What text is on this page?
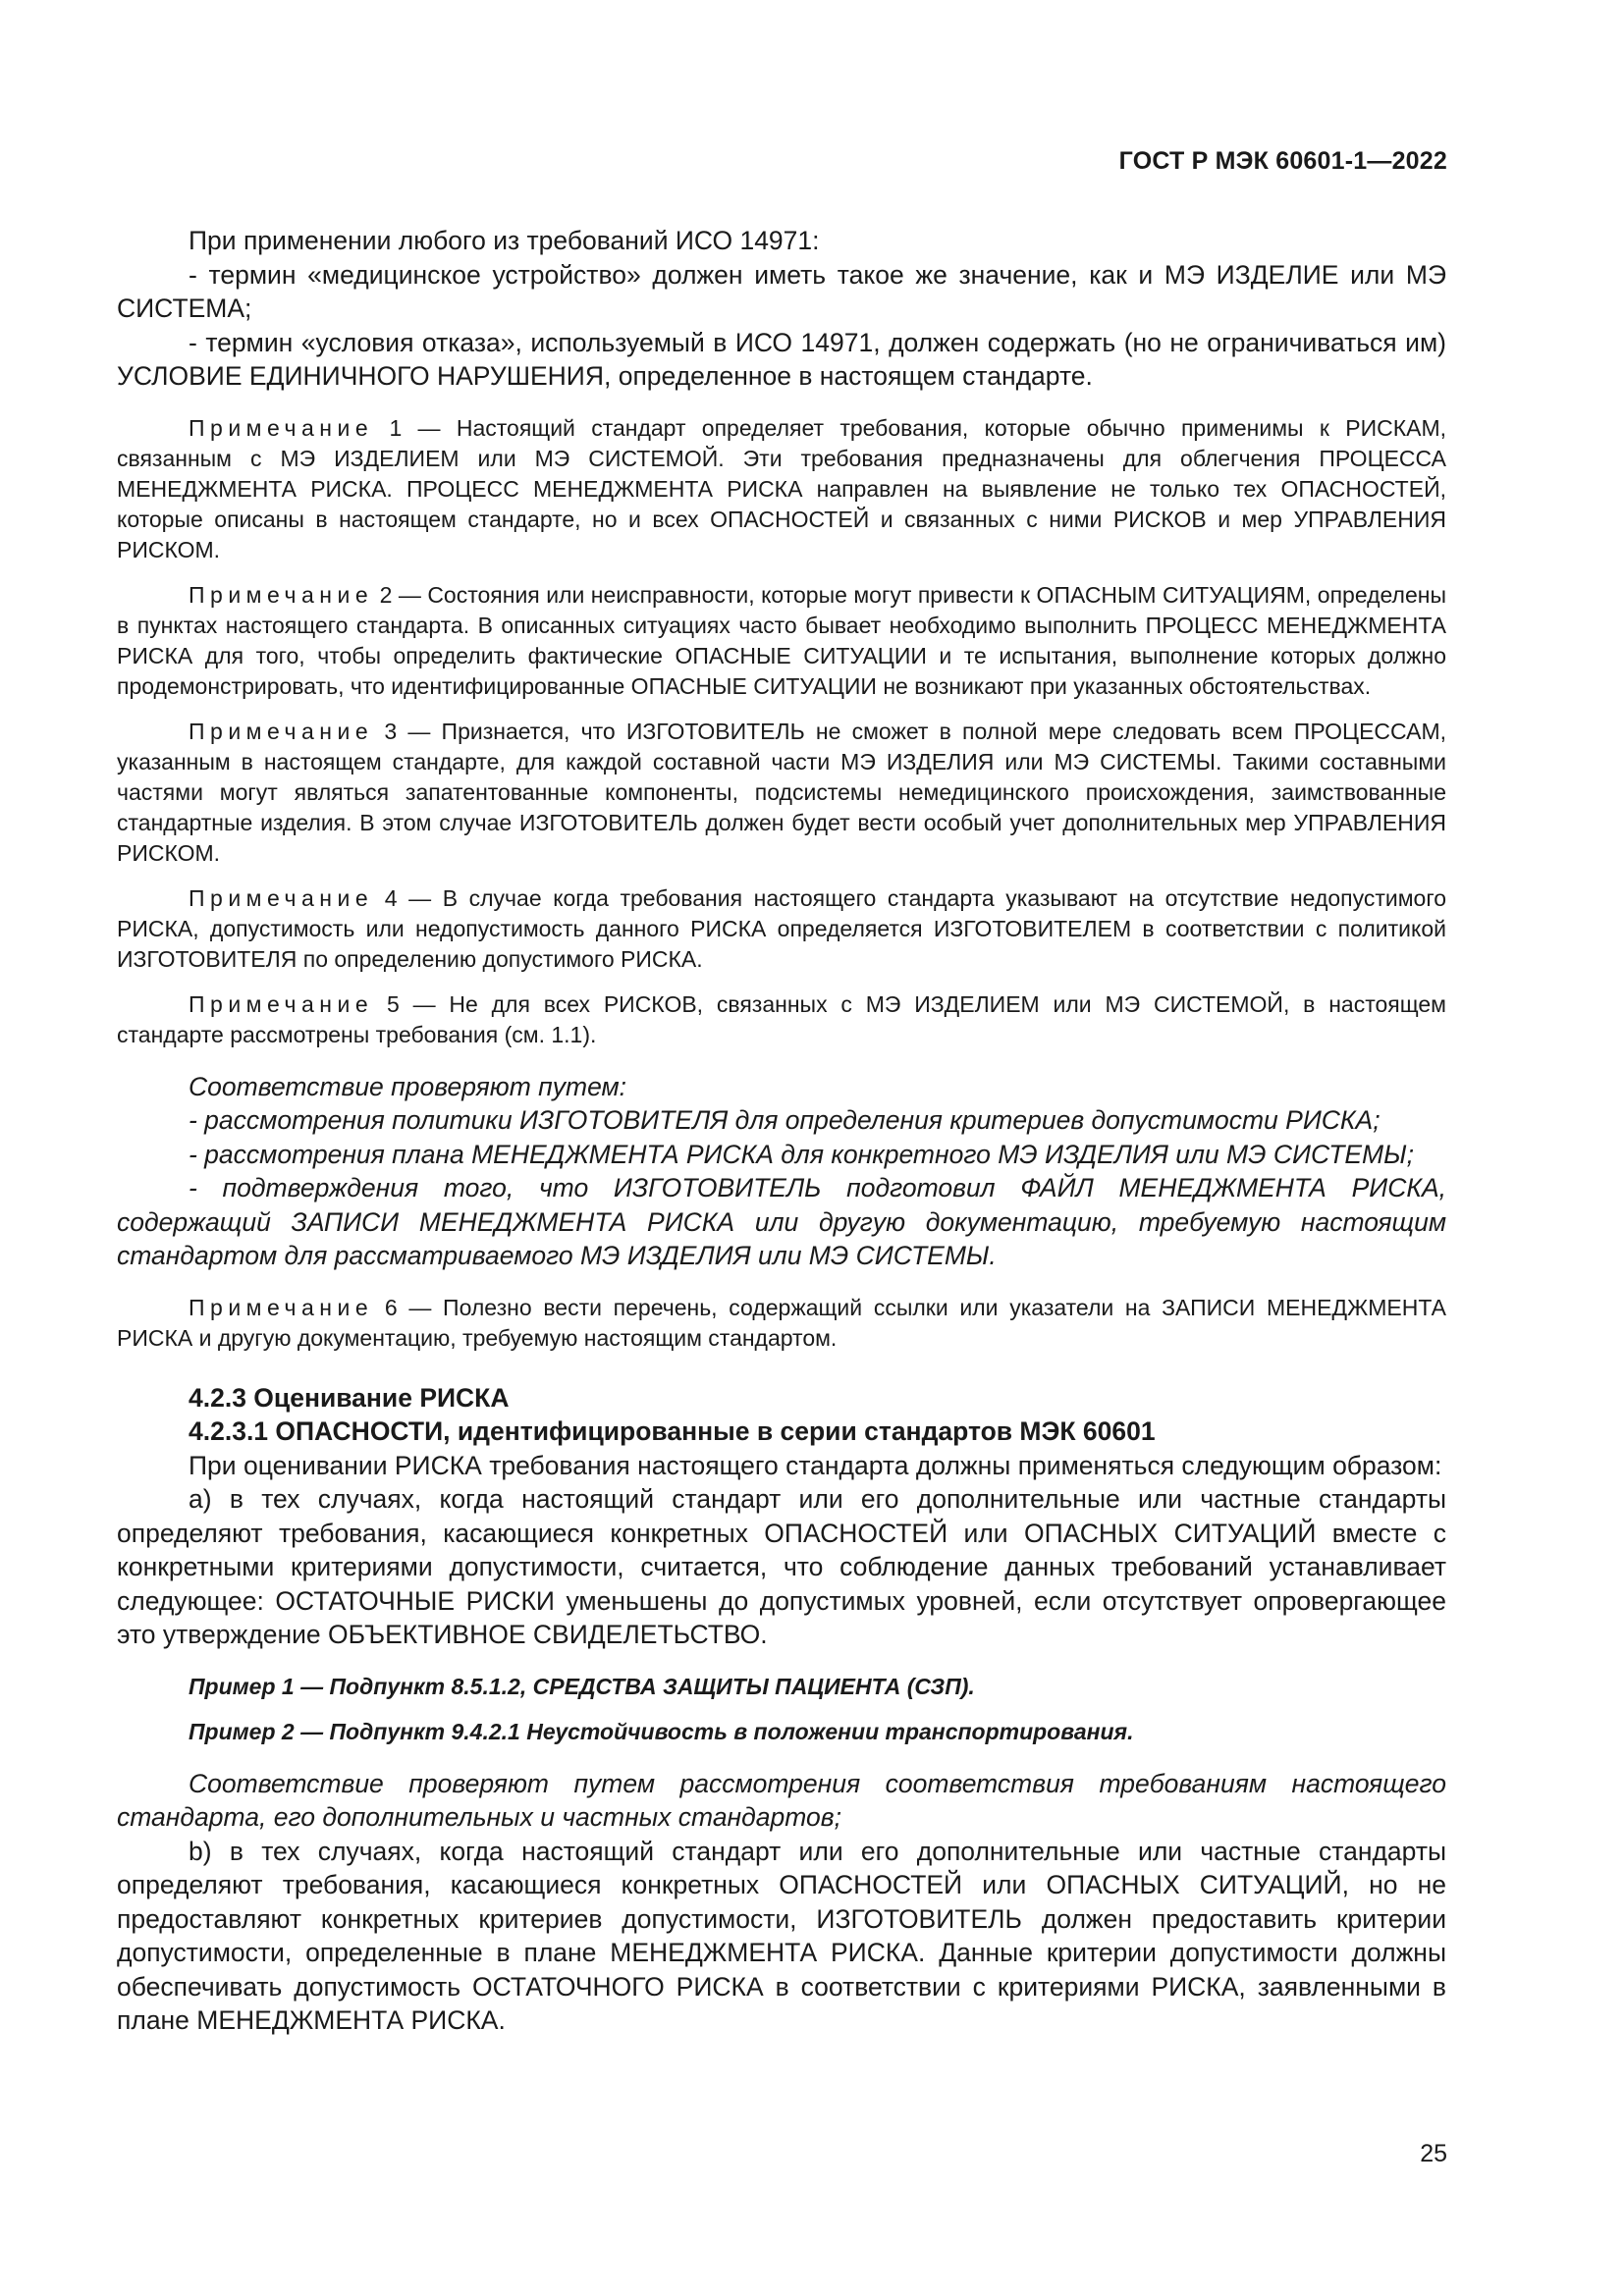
ГОСТ Р МЭК 60601-1—2022

При применении любого из требований ИСО 14971:

- термин «медицинское устройство» должен иметь такое же значение, как и МЭ ИЗДЕЛИЕ или МЭ СИСТЕМА;

- термин «условия отказа», используемый в ИСО 14971, должен содержать (но не ограничиваться им) УСЛОВИЕ ЕДИНИЧНОГО НАРУШЕНИЯ, определенное в настоящем стандарте.

Примечание 1 — Настоящий стандарт определяет требования, которые обычно применимы к РИСКАМ, связанным с МЭ ИЗДЕЛИЕМ или МЭ СИСТЕМОЙ. Эти требования предназначены для облегчения ПРОЦЕССА МЕНЕДЖМЕНТА РИСКА. ПРОЦЕСС МЕНЕДЖМЕНТА РИСКА направлен на выявление не только тех ОПАСНОСТЕЙ, которые описаны в настоящем стандарте, но и всех ОПАСНОСТЕЙ и связанных с ними РИСКОВ и мер УПРАВЛЕНИЯ РИСКОМ.

Примечание 2 — Состояния или неисправности, которые могут привести к ОПАСНЫМ СИТУАЦИЯМ, определены в пунктах настоящего стандарта. В описанных ситуациях часто бывает необходимо выполнить ПРОЦЕСС МЕНЕДЖМЕНТА РИСКА для того, чтобы определить фактические ОПАСНЫЕ СИТУАЦИИ и те испытания, выполнение которых должно продемонстрировать, что идентифицированные ОПАСНЫЕ СИТУАЦИИ не возникают при указанных обстоятельствах.

Примечание 3 — Признается, что ИЗГОТОВИТЕЛЬ не сможет в полной мере следовать всем ПРОЦЕССАМ, указанным в настоящем стандарте, для каждой составной части МЭ ИЗДЕЛИЯ или МЭ СИСТЕМЫ. Такими составными частями могут являться запатентованные компоненты, подсистемы немедицинского происхождения, заимствованные стандартные изделия. В этом случае ИЗГОТОВИТЕЛЬ должен будет вести особый учет дополнительных мер УПРАВЛЕНИЯ РИСКОМ.

Примечание 4 — В случае когда требования настоящего стандарта указывают на отсутствие недопустимого РИСКА, допустимость или недопустимость данного РИСКА определяется ИЗГОТОВИТЕЛЕМ в соответствии с политикой ИЗГОТОВИТЕЛЯ по определению допустимого РИСКА.

Примечание 5 — Не для всех РИСКОВ, связанных с МЭ ИЗДЕЛИЕМ или МЭ СИСТЕМОЙ, в настоящем стандарте рассмотрены требования (см. 1.1).

Соответствие проверяют путем:

- рассмотрения политики ИЗГОТОВИТЕЛЯ для определения критериев допустимости РИСКА;

- рассмотрения плана МЕНЕДЖМЕНТА РИСКА для конкретного МЭ ИЗДЕЛИЯ или МЭ СИСТЕМЫ;

- подтверждения того, что ИЗГОТОВИТЕЛЬ подготовил ФАЙЛ МЕНЕДЖМЕНТА РИСКА, содержащий ЗАПИСИ МЕНЕДЖМЕНТА РИСКА или другую документацию, требуемую настоящим стандартом для рассматриваемого МЭ ИЗДЕЛИЯ или МЭ СИСТЕМЫ.

Примечание 6 — Полезно вести перечень, содержащий ссылки или указатели на ЗАПИСИ МЕНЕДЖМЕНТА РИСКА и другую документацию, требуемую настоящим стандартом.

4.2.3 Оценивание РИСКА

4.2.3.1 ОПАСНОСТИ, идентифицированные в серии стандартов МЭК 60601

При оценивании РИСКА требования настоящего стандарта должны применяться следующим образом:

а) в тех случаях, когда настоящий стандарт или его дополнительные или частные стандарты определяют требования, касающиеся конкретных ОПАСНОСТЕЙ или ОПАСНЫХ СИТУАЦИЙ вместе с конкретными критериями допустимости, считается, что соблюдение данных требований устанавливает следующее: ОСТАТОЧНЫЕ РИСКИ уменьшены до допустимых уровней, если отсутствует опровергающее это утверждение ОБЪЕКТИВНОЕ СВИДЕЛЕТЬСТВО.

Пример 1 — Подпункт 8.5.1.2, СРЕДСТВА ЗАЩИТЫ ПАЦИЕНТА (СЗП).

Пример 2 — Подпункт 9.4.2.1 Неустойчивость в положении транспортирования.

Соответствие проверяют путем рассмотрения соответствия требованиям настоящего стандарта, его дополнительных и частных стандартов;

b) в тех случаях, когда настоящий стандарт или его дополнительные или частные стандарты определяют требования, касающиеся конкретных ОПАСНОСТЕЙ или ОПАСНЫХ СИТУАЦИЙ, но не предоставляют конкретных критериев допустимости, ИЗГОТОВИТЕЛЬ должен предоставить критерии допустимости, определенные в плане МЕНЕДЖМЕНТА РИСКА. Данные критерии допустимости должны обеспечивать допустимость ОСТАТОЧНОГО РИСКА в соответствии с критериями РИСКА, заявленными в плане МЕНЕДЖМЕНТА РИСКА.

25
